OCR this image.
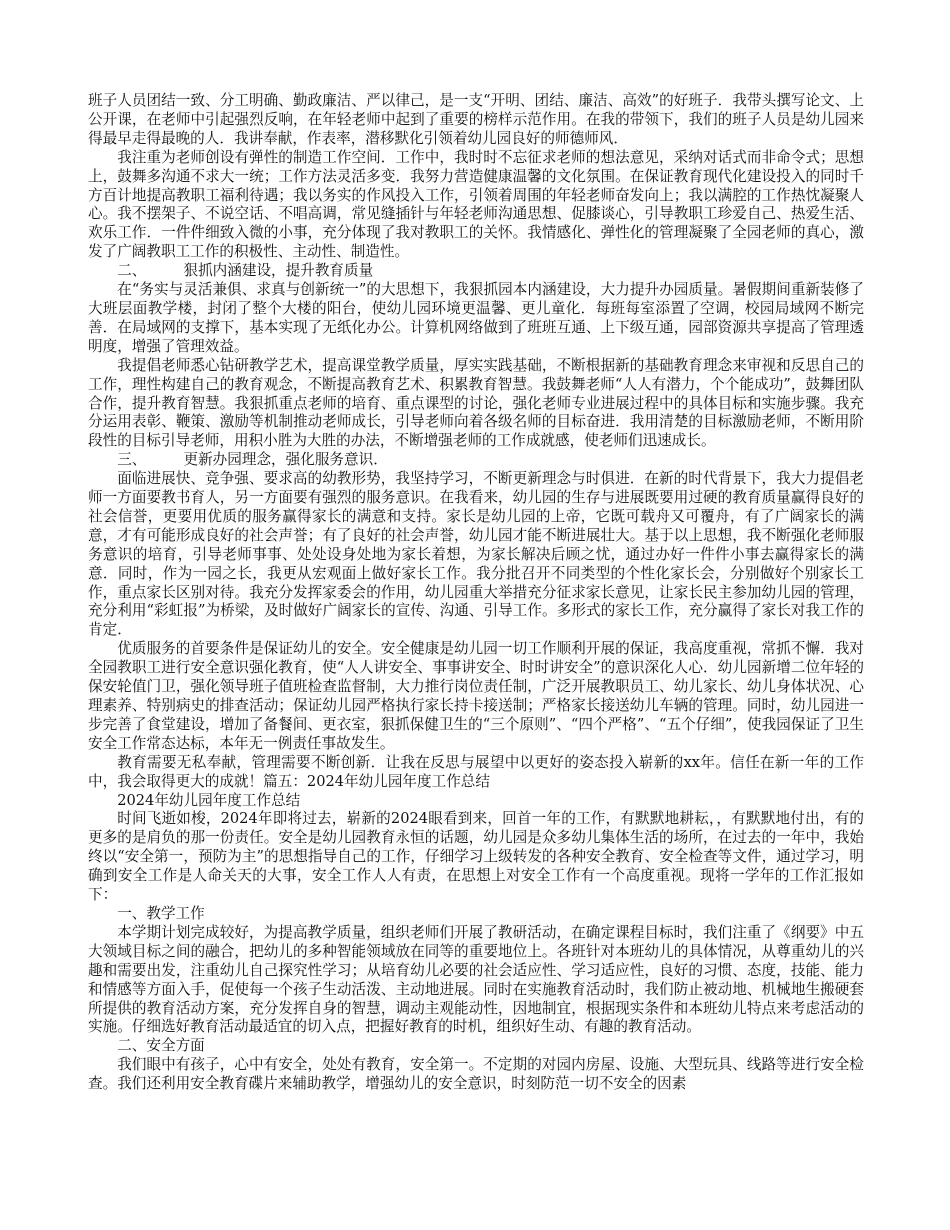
班子人员团结一致、分工明确、勤政廉洁、严以律己，是一支“开明、团结、廉洁、高效”的好班子．我带头撰写论文、上公开课，在老师中引起强烈反响，在年轻老师中起到了重要的榜样示范作用。在我的带领下，我们的班子人员是幼儿园来得最早走得最晚的人．我讲奉献，作表率，潜移默化引领着幼儿园良好的师德师风．

我注重为老师创设有弹性的制造工作空间．工作中，我时时不忘征求老师的想法意见，采纳对话式而非命令式；思想上，鼓舞多沟通不求大一统；工作方法灵活多变．我努力营造健康温馨的文化氛围。在保证教育现代化建设投入的同时千方百计地提高教职工福利待遇；我以务实的作风投入工作，引领着周围的年轻老师奋发向上；我以满腔的工作热忱凝聚人心。我不摆架子、不说空话、不唱高调，常见缝插针与年轻老师沟通思想、促膝谈心，引导教职工珍爱自己、热爱生活、欢乐工作．一件件细致入微的小事，充分体现了我对教职工的关怀。我情感化、弹性化的管理凝聚了全园老师的真心，激发了广阔教职工工作的积极性、主动性、制造性。

二、        狠抓内涵建设，提升教育质量

在“务实与灵活兼俱、求真与创新统一”的大思想下，我狠抓园本内涵建设，大力提升办园质量。暑假期间重新装修了大班层面教学楼，封闭了整个大楼的阳台，使幼儿园环境更温馨、更儿童化．每班每室添置了空调，校园局域网不断完善．在局域网的支撑下，基本实现了无纸化办公。计算机网络做到了班班互通、上下级互通，园部资源共享提高了管理透明度，增强了管理效益。

我提倡老师悉心钻研教学艺术，提高课堂教学质量，厚实实践基础，不断根据新的基础教育理念来审视和反思自己的工作，理性构建自己的教育观念，不断提高教育艺术、积累教育智慧。我鼓舞老师“人人有潜力，个个能成功”，鼓舞团队合作，提升教育智慧。我狠抓重点老师的培育、重点课型的讨论，强化老师专业进展过程中的具体目标和实施步骤。我充分运用表彰、鞭策、激励等机制推动老师成长，引导老师向着各级名师的目标奋进．我用清楚的目标激励老师，不断用阶段性的目标引导老师，用积小胜为大胜的办法，不断增强老师的工作成就感，使老师们迅速成长。

三、        更新办园理念，强化服务意识．

面临进展快、竞争强、要求高的幼教形势，我坚持学习，不断更新理念与时俱进．在新的时代背景下，我大力提倡老师一方面要教书育人，另一方面要有强烈的服务意识。在我看来，幼儿园的生存与进展既要用过硬的教育质量赢得良好的社会信誉，更要用优质的服务赢得家长的满意和支持。家长是幼儿园的上帝，它既可载舟又可覆舟，有了广阔家长的满意，才有可能形成良好的社会声誉；有了良好的社会声誉，幼儿园才能不断进展壮大。基于以上思想，我不断强化老师服务意识的培育，引导老师事事、处处设身处地为家长着想，为家长解决后顾之忧，通过办好一件件小事去赢得家长的满意．同时，作为一园之长，我更从宏观面上做好家长工作。我分批召开不同类型的个性化家长会，分别做好个别家长工作，重点家长区别对待。我充分发挥家委会的作用，幼儿园重大举措充分征求家长意见，让家长民主参加幼儿园的管理，充分利用“彩虹报”为桥梁，及时做好广阔家长的宣传、沟通、引导工作。多形式的家长工作，充分赢得了家长对我工作的肯定．

优质服务的首要条件是保证幼儿的安全。安全健康是幼儿园一切工作顺利开展的保证，我高度重视，常抓不懈．我对全园教职工进行安全意识强化教育，使“人人讲安全、事事讲安全、时时讲安全”的意识深化人心．幼儿园新增二位年轻的保安轮值门卫，强化领导班子值班检查监督制，大力推行岗位责任制，广泛开展教职员工、幼儿家长、幼儿身体状况、心理素养、特别病史的排查活动；保证幼儿园严格执行家长持卡接送制；严格家长接送幼儿车辆的管理。同时，幼儿园进一步完善了食堂建设，增加了备餐间、更衣室，狠抓保健卫生的“三个原则”、“四个严格”、“五个仔细”，使我园保证了卫生安全工作常态达标，本年无一例责任事故发生。

教育需要无私奉献，管理需要不断创新．让我在反思与展望中以更好的姿态投入崭新的xx年。信任在新一年的工作中，我会取得更大的成就！篇五：2024年幼儿园年度工作总结

2024年幼儿园年度工作总结

时间飞逝如梭，2024年即将过去，崭新的2024眼看到来，回首一年的工作，有默默地耕耘，，有默默地付出，有的更多的是肩负的那一份责任。安全是幼儿园教育永恒的话题，幼儿园是众多幼儿集体生活的场所，在过去的一年中，我始终以“安全第一，预防为主”的思想指导自己的工作，仔细学习上级转发的各种安全教育、安全检查等文件，通过学习，明确到安全工作是人命关天的大事，安全工作人人有责，在思想上对安全工作有一个高度重视。现将一学年的工作汇报如下：

一、教学工作

本学期计划完成较好，为提高教学质量，组织老师们开展了教研活动，在确定课程目标时，我们注重了《纲要》中五大领域目标之间的融合，把幼儿的多种智能领域放在同等的重要地位上。各班针对本班幼儿的具体情况，从尊重幼儿的兴趣和需要出发，注重幼儿自己探究性学习；从培育幼儿必要的社会适应性、学习适应性，良好的习惯、态度，技能、能力和情感等方面入手，促使每一个孩子生动活泼、主动地进展。同时在实施教育活动时，我们防止被动地、机械地生搬硬套所提供的教育活动方案，充分发挥自身的智慧，调动主观能动性，因地制宜，根据现实条件和本班幼儿特点来考虑活动的实施。仔细选好教育活动最适宜的切入点，把握好教育的时机，组织好生动、有趣的教育活动。

二、安全方面

我们眼中有孩子，心中有安全，处处有教育，安全第一。不定期的对园内房屋、设施、大型玩具、线路等进行安全检查。我们还利用安全教育碟片来辅助教学，增强幼儿的安全意识，时刻防范一切不安全的因素
